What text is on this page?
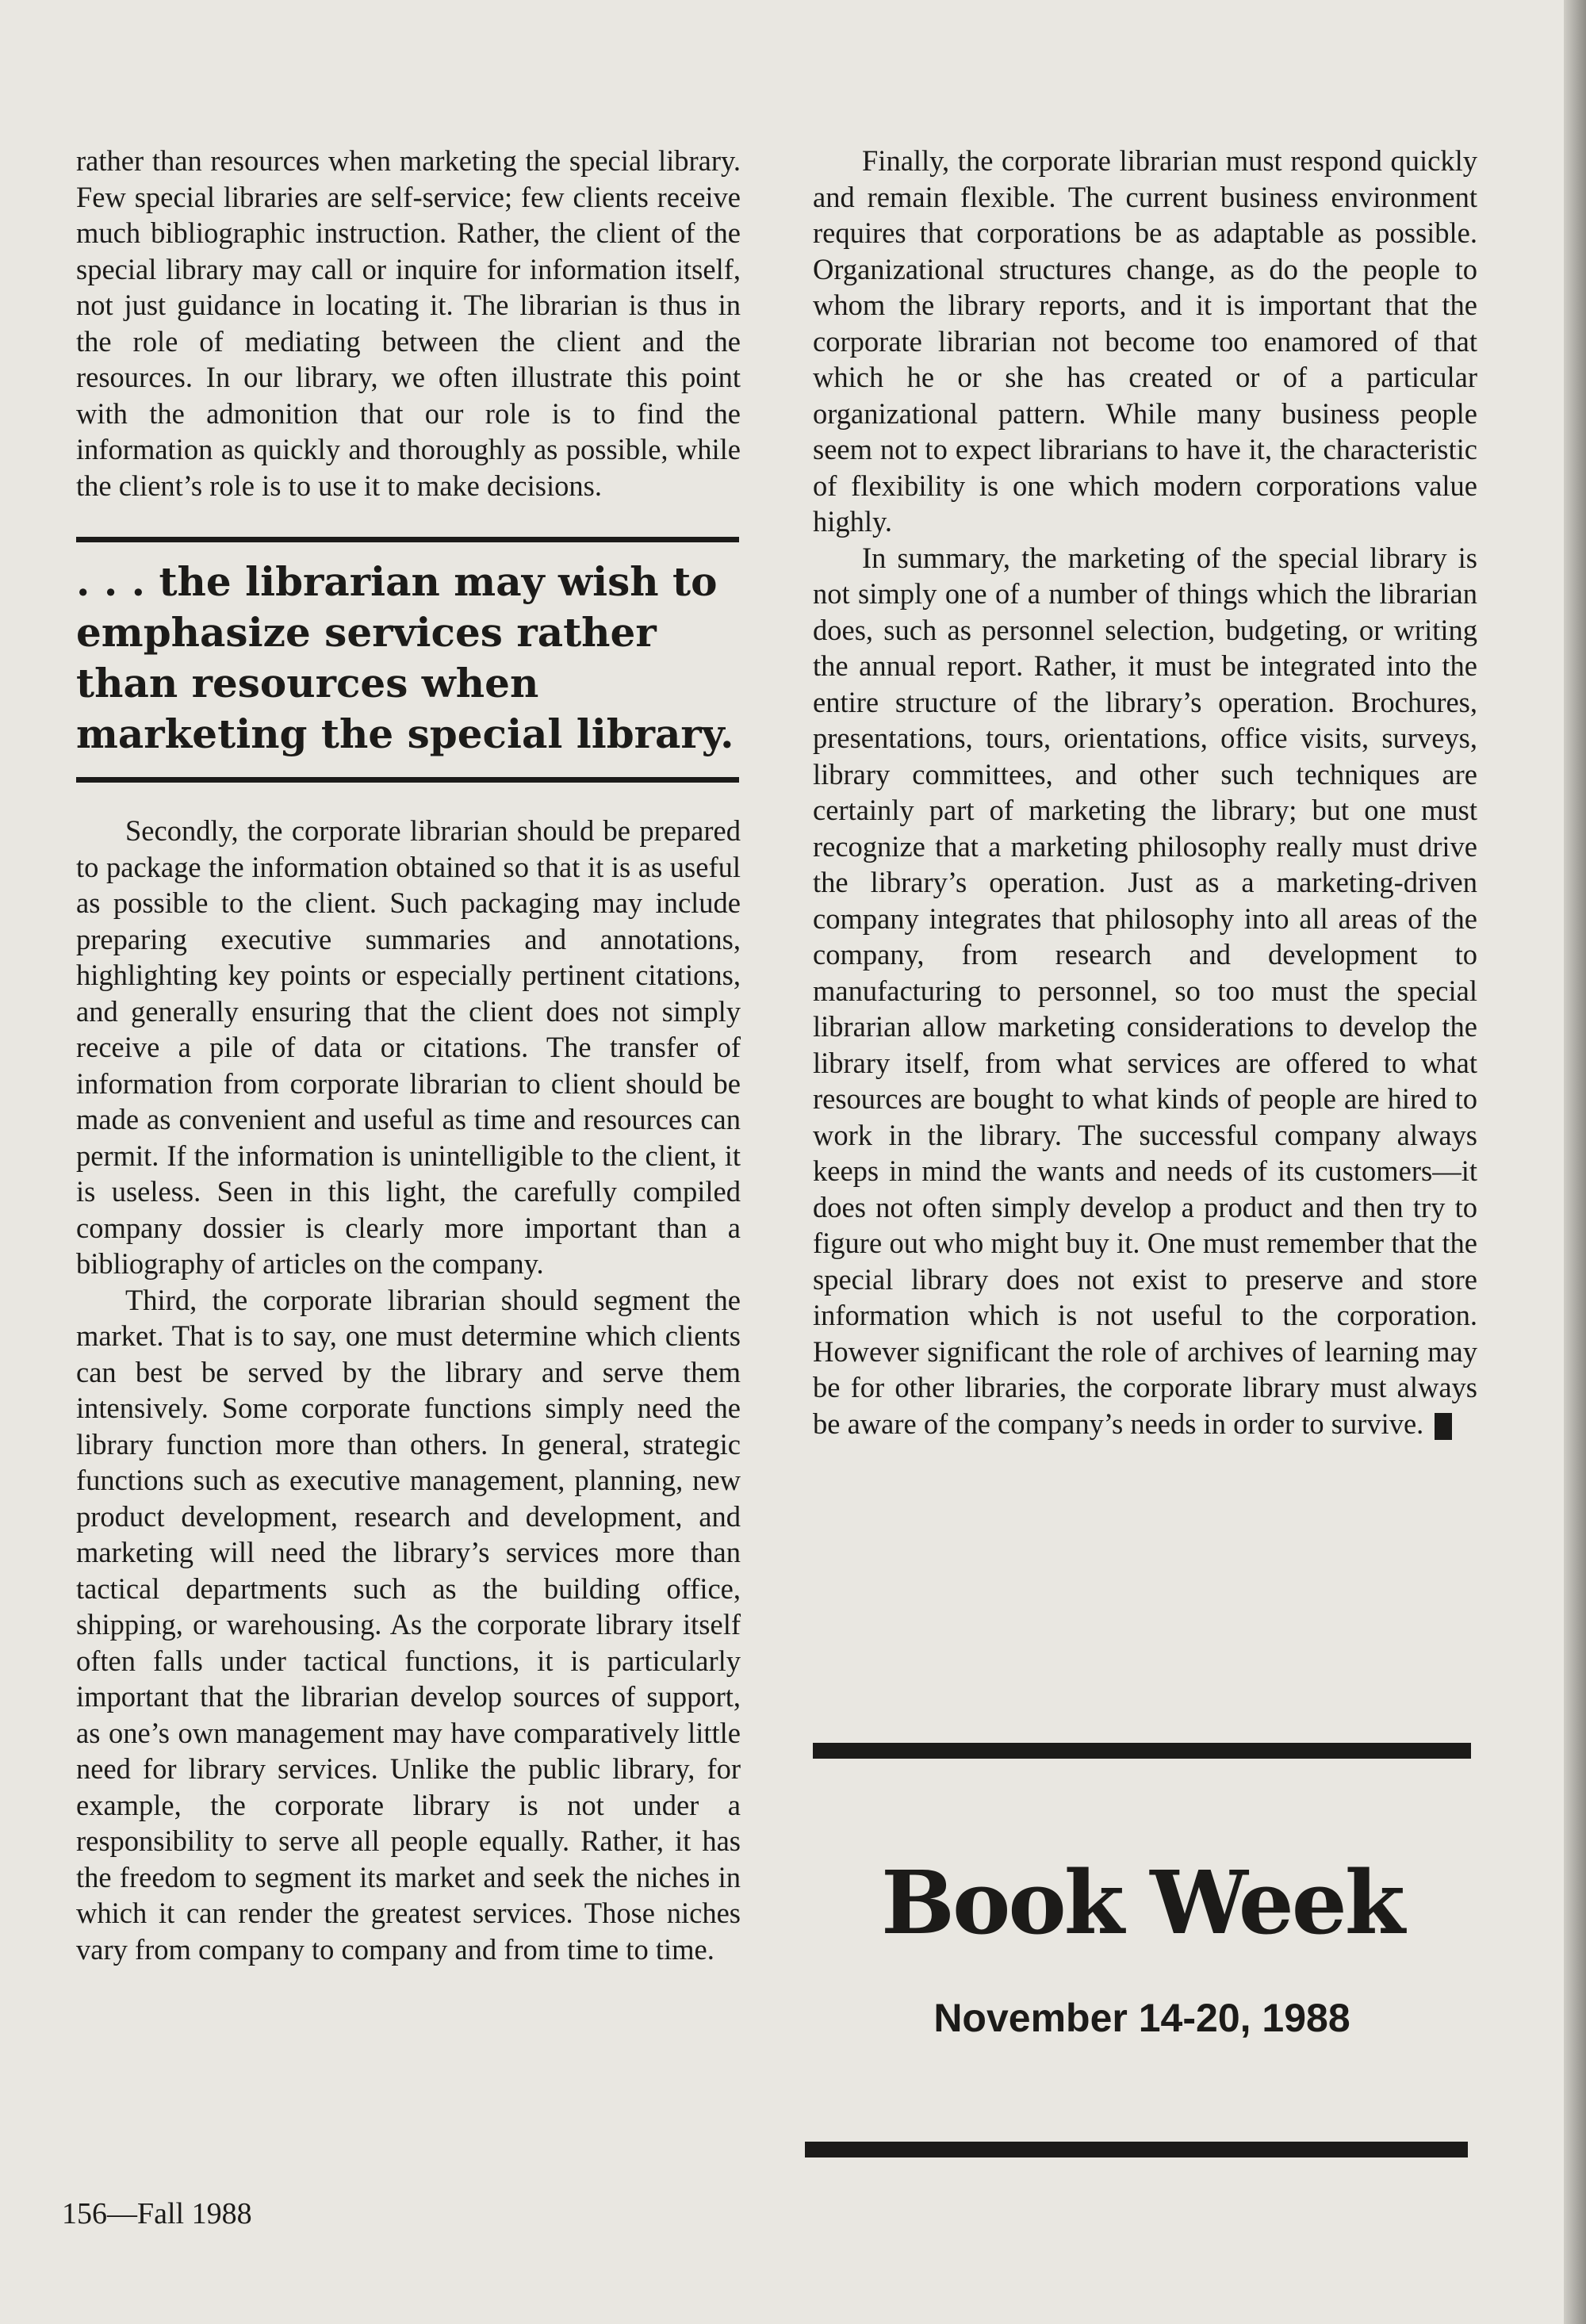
rather than resources when marketing the special library. Few special libraries are self-service; few clients receive much bibliographic instruction. Rather, the client of the special library may call or inquire for information itself, not just guidance in locating it. The librarian is thus in the role of mediating between the client and the resources. In our library, we often illustrate this point with the admonition that our role is to find the information as quickly and thoroughly as possible, while the client’s role is to use it to make decisions.

. . . the librarian may wish to emphasize services rather than resources when marketing the special library.

Secondly, the corporate librarian should be prepared to package the information obtained so that it is as useful as possible to the client. Such packaging may include preparing executive summaries and annotations, highlighting key points or especially pertinent citations, and generally ensuring that the client does not simply receive a pile of data or citations. The transfer of information from corporate librarian to client should be made as convenient and useful as time and resources can permit. If the information is unintelligible to the client, it is useless. Seen in this light, the carefully compiled company dossier is clearly more important than a bibliography of articles on the company.

Third, the corporate librarian should segment the market. That is to say, one must determine which clients can best be served by the library and serve them intensively. Some corporate functions simply need the library function more than others. In general, strategic functions such as executive management, planning, new product development, research and development, and marketing will need the library’s services more than tactical departments such as the building office, shipping, or warehousing. As the corporate library itself often falls under tactical functions, it is particularly important that the librarian develop sources of support, as one’s own management may have comparatively little need for library services. Unlike the public library, for example, the corporate library is not under a responsibility to serve all people equally. Rather, it has the freedom to segment its market and seek the niches in which it can render the greatest services. Those niches vary from company to company and from time to time.

Finally, the corporate librarian must respond quickly and remain flexible. The current business environment requires that corporations be as adaptable as possible. Organizational structures change, as do the people to whom the library reports, and it is important that the corporate librarian not become too enamored of that which he or she has created or of a particular organizational pattern. While many business people seem not to expect librarians to have it, the characteristic of flexibility is one which modern corporations value highly.

In summary, the marketing of the special library is not simply one of a number of things which the librarian does, such as personnel selection, budgeting, or writing the annual report. Rather, it must be integrated into the entire structure of the library’s operation. Brochures, presentations, tours, orientations, office visits, surveys, library committees, and other such techniques are certainly part of marketing the library; but one must recognize that a marketing philosophy really must drive the library’s operation. Just as a marketing-driven company integrates that philosophy into all areas of the company, from research and development to manufacturing to personnel, so too must the special librarian allow marketing considerations to develop the library itself, from what services are offered to what resources are bought to what kinds of people are hired to work in the library. The successful company always keeps in mind the wants and needs of its customers—it does not often simply develop a product and then try to figure out who might buy it. One must remember that the special library does not exist to preserve and store information which is not useful to the corporation. However significant the role of archives of learning may be for other libraries, the corporate library must always be aware of the company’s needs in order to survive.	sl

Book Week
November 14-20, 1988
156—Fall 1988
